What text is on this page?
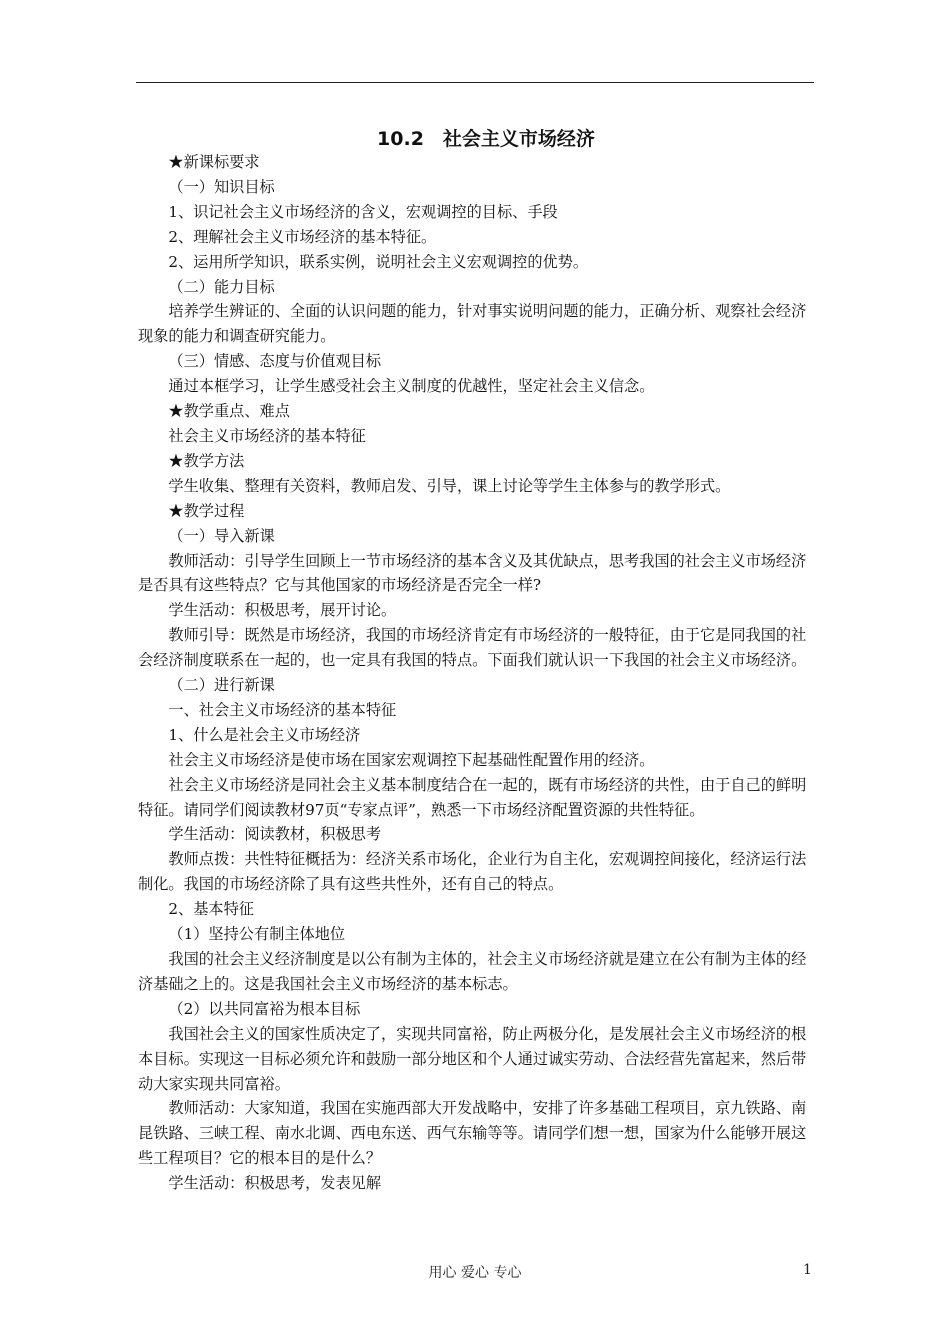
10.2　社会主义市场经济

★新课标要求

（一）知识目标

1、识记社会主义市场经济的含义，宏观调控的目标、手段

2、理解社会主义市场经济的基本特征。

2、运用所学知识，联系实例，说明社会主义宏观调控的优势。

（二）能力目标

培养学生辨证的、全面的认识问题的能力，针对事实说明问题的能力，正确分析、观察社会经济现象的能力和调查研究能力。

（三）情感、态度与价值观目标

通过本框学习，让学生感受社会主义制度的优越性，坚定社会主义信念。

★教学重点、难点

社会主义市场经济的基本特征

★教学方法

学生收集、整理有关资料，教师启发、引导，课上讨论等学生主体参与的教学形式。

★教学过程

（一）导入新课

教师活动：引导学生回顾上一节市场经济的基本含义及其优缺点，思考我国的社会主义市场经济是否具有这些特点？它与其他国家的市场经济是否完全一样?

学生活动：积极思考，展开讨论。

教师引导：既然是市场经济，我国的市场经济肯定有市场经济的一般特征，由于它是同我国的社会经济制度联系在一起的，也一定具有我国的特点。下面我们就认识一下我国的社会主义市场经济。

（二）进行新课

一、社会主义市场经济的基本特征

1、什么是社会主义市场经济

社会主义市场经济是使市场在国家宏观调控下起基础性配置作用的经济。

社会主义市场经济是同社会主义基本制度结合在一起的，既有市场经济的共性，由于自己的鲜明特征。请同学们阅读教材97页“专家点评”，熟悉一下市场经济配置资源的共性特征。

学生活动：阅读教材，积极思考

教师点拨：共性特征概括为：经济关系市场化，企业行为自主化，宏观调控间接化，经济运行法制化。我国的市场经济除了具有这些共性外，还有自己的特点。

2、基本特征

（1）坚持公有制主体地位

我国的社会主义经济制度是以公有制为主体的，社会主义市场经济就是建立在公有制为主体的经济基础之上的。这是我国社会主义市场经济的基本标志。

（2）以共同富裕为根本目标

我国社会主义的国家性质决定了，实现共同富裕，防止两极分化，是发展社会主义市场经济的根本目标。实现这一目标必须允许和鼓励一部分地区和个人通过诚实劳动、合法经营先富起来，然后带动大家实现共同富裕。

教师活动：大家知道，我国在实施西部大开发战略中，安排了许多基础工程项目，京九铁路、南昆铁路、三峡工程、南水北调、西电东送、西气东输等等。请同学们想一想，国家为什么能够开展这些工程项目？它的根本目的是什么？

学生活动：积极思考，发表见解

用心 爱心 专心	1
